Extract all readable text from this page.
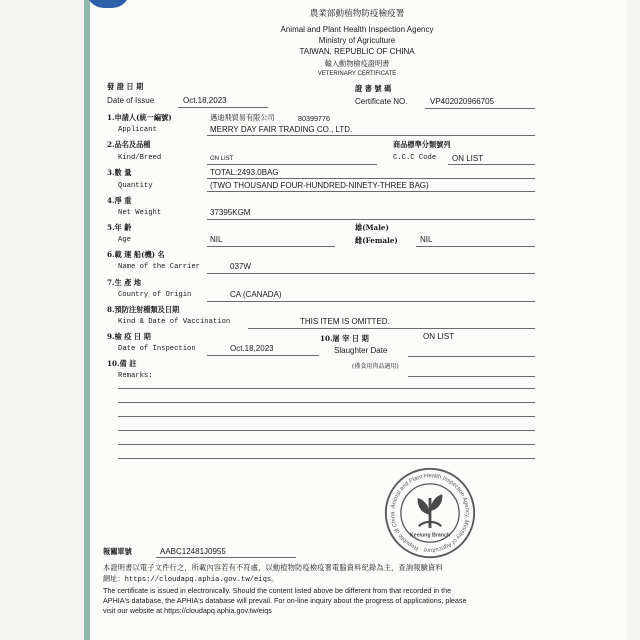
農業部動植物防疫檢疫署
Animal and Plant Health Inspection Agency
Ministry of Agriculture
TAIWAN, REPUBLIC OF CHINA
輸入動物檢疫證明書
VETERINARY CERTIFICATE
發 證 日 期
Date of Issue	Oct.18,2023
證 書 號 碼
Certificate NO.	VP402020966705
1.申請人(統一編號)
Applicant
邁迪飛貿易有限公司	80399776
MERRY DAY FAIR TRADING CO., LTD.
2.品名及品種
Kind/Breed	ON LIST
商品標準分類號列
C.C.C Code ON LIST
3.數 量
Quantity
TOTAL:2493.0BAG
(TWO THOUSAND FOUR-HUNDRED-NINETY-THREE BAG)
4.淨 重
Net Weight	37395KGM
5.年 齡
Age	NIL
雄(Male)
雌(Female)	NIL
6.載 運 船(機) 名
Name of the Carrier	037W
7.生 產 地
Country of Origin	CA (CANADA)
8.預防注射種類及日期
Kind & Date of Vaccination	THIS ITEM IS OMITTED.
9.檢 疫 日 期
Date of Inspection	Oct.18,2023
10.屠 宰 日 期
Slaughter Date
(僅食用肉品適用)
ON LIST
10.備 註
Remarks:
Animal and Plant Health Inspection Agency, Ministry of Agriculture · Republic of China
Keelung Branch
報關單號	AABC12481J0955
本證明書以電子文件行之，所載內容若有不符處，以動植物防疫檢疫署電腦資料紀錄為主，查詢報驗資料
網址：https://cloudapq.aphia.gov.tw/eiqs。
The certificate is issued in electronically. Should the content listed above be different from that recorded in the
APHIA's database, the APHIA's database will prevail. For on-line inquiry about the progress of applications, please
visit our website at https://cloudapq.aphia.gov.tw/eiqs
